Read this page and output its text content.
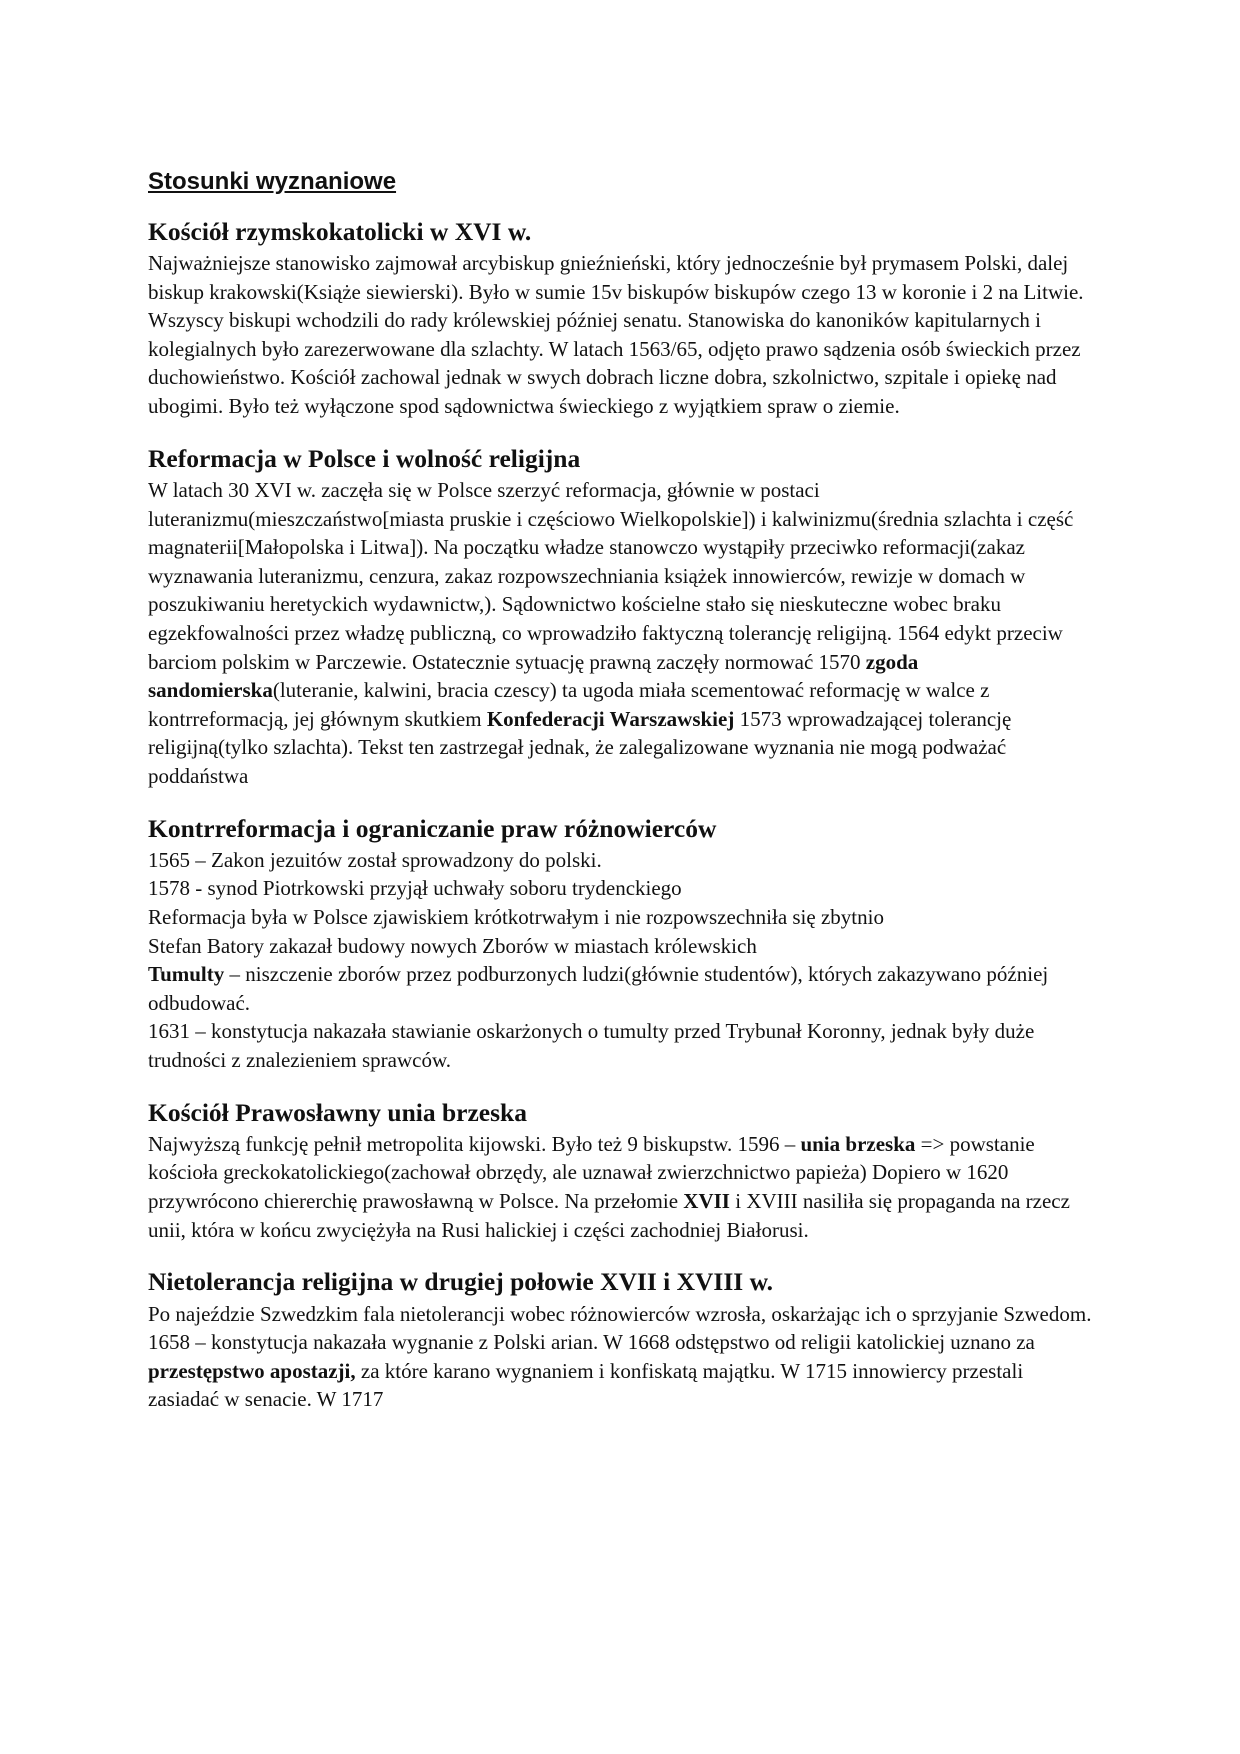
Stosunki wyznaniowe
Kościół rzymskokatolicki w XVI w.

Najważniejsze stanowisko zajmował arcybiskup gnieźnieński, który jednocześnie był prymasem Polski, dalej biskup krakowski(Książe siewierski). Było w sumie 15v biskupów biskupów czego 13 w koronie i 2 na Litwie. Wszyscy biskupi wchodzili do rady królewskiej później senatu. Stanowiska do kanoników kapitularnych i kolegialnych było zarezerwowane dla szlachty. W latach 1563/65, odjęto prawo sądzenia osób świeckich przez duchowieństwo. Kościół zachowal jednak w swych dobrach liczne dobra, szkolnictwo, szpitale i opiekę nad ubogimi. Było też wyłączone spod sądownictwa świeckiego z wyjątkiem spraw o ziemie.

Reformacja w Polsce i wolność religijna

W latach 30 XVI w. zaczęła się w Polsce szerzyć reformacja, głównie w postaci luteranizmu(mieszczaństwo[miasta pruskie i częściowo Wielkopolskie]) i kalwinizmu(średnia szlachta i część magnaterii[Małopolska i Litwa]). Na początku władze stanowczo wystąpiły przeciwko reformacji(zakaz wyznawania luteranizmu, cenzura, zakaz rozpowszechniania książek innowierców, rewizje w domach w poszukiwaniu heretyckich wydawnictw,). Sądownictwo kościelne stało się nieskuteczne wobec braku egzekfowalności przez władzę publiczną, co wprowadziło faktyczną tolerancję religijną. 1564 edykt przeciw barciom polskim w Parczewie. Ostatecznie sytuację prawną zaczęły normować 1570 zgoda sandomierska(luteranie, kalwini, bracia czescy) ta ugoda miała scementować reformację w walce z kontrreformacją, jej głównym skutkiem Konfederacji Warszawskiej 1573 wprowadzającej tolerancję religijną(tylko szlachta). Tekst ten zastrzegał jednak, że zalegalizowane wyznania nie mogą podważać poddaństwa

Kontrreformacja i ograniczanie praw różnowierców

1565 – Zakon jezuitów został sprowadzony do polski.
1578 - synod Piotrkowski przyjął uchwały soboru trydenckiego
Reformacja była w Polsce zjawiskiem krótkotrwałym i nie rozpowszechniła się zbytnio
Stefan Batory zakazał budowy nowych Zborów w miastach królewskich
Tumulty – niszczenie zborów przez podburzonych ludzi(głównie studentów), których zakazywano później odbudować.
1631 – konstytucja nakazała stawianie oskarżonych o tumulty przed Trybunał Koronny, jednak były duże trudności z znalezieniem sprawców.

Kościół Prawosławny unia brzeska

Najwyższą funkcję pełnił metropolita kijowski. Było też 9 biskupstw. 1596 – unia brzeska => powstanie kościoła greckokatolickiego(zachował obrzędy, ale uznawał zwierzchnictwo papieża) Dopiero w 1620 przywrócono chiererchię prawosławną w Polsce. Na przełomie XVII i XVIII nasiliła się propaganda na rzecz unii, która w końcu zwyciężyła na Rusi halickiej i części zachodniej Białorusi.

Nietolerancja religijna w drugiej połowie XVII i XVIII w.

Po najeździe Szwedzkim fala nietolerancji wobec różnowierców wzrosła, oskarżając ich o sprzyjanie Szwedom. 1658 – konstytucja nakazała wygnanie z Polski arian. W 1668 odstępstwo od religii katolickiej uznano za przestępstwo apostazji, za które karano wygnaniem i konfiskatą majątku. W 1715 innowiercy przestali zasiadać w senacie. W 1717
